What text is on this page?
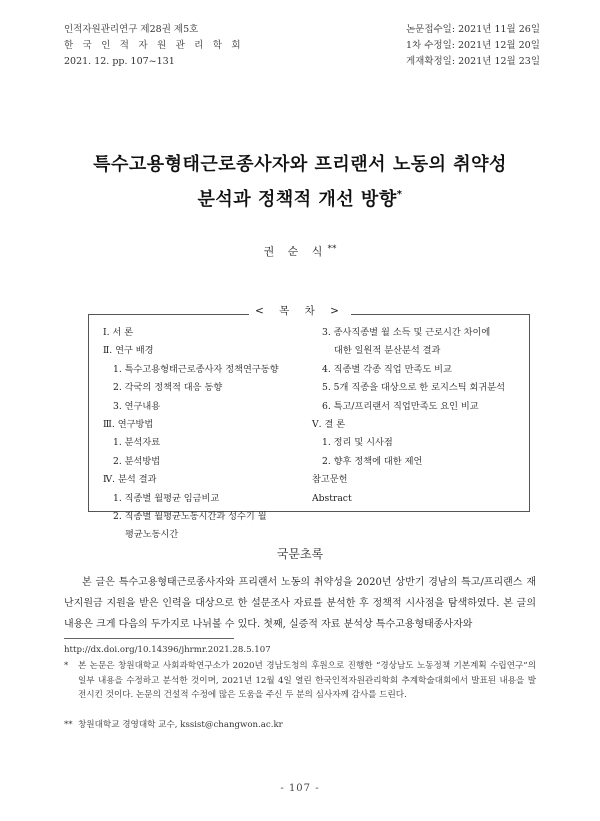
인적자원관리연구 제28권 제5호
한 국 인 적 자 원 관 리 학 회
2021. 12. pp. 107~131
논문접수일: 2021년 11월 26일
1차 수정일: 2021년 12월 20일
게재확정일: 2021년 12월 23일
특수고용형태근로종사자와 프리랜서 노동의 취약성
분석과 정책적 개선 방향*
권 순 식**
< 목 차 >
Ⅰ. 서 론
Ⅱ. 연구 배경
1. 특수고용형태근로종사자 정책연구동향
2. 각국의 정책적 대응 동향
3. 연구내용
Ⅲ. 연구방법
1. 분석자료
2. 분석방법
Ⅳ. 분석 결과
1. 직종별 월평균 임금비교
2. 직종별 월평균노동시간과 성수기 월
평균노동시간
3. 종사직종별 월 소득 및 근로시간 차이에
대한 일원적 분산분석 결과
4. 직종별 각종 직업 만족도 비교
5. 5개 직종을 대상으로 한 로지스틱 회귀분석
6. 특고/프리랜서 직업만족도 요인 비교
Ⅴ. 결 론
1. 정리 및 시사점
2. 향후 정책에 대한 제언
참고문헌
Abstract
국문초록
본 글은 특수고용형태근로종사자와 프리랜서 노동의 취약성을 2020년 상반기 경남의 특고/프리랜스 재난지원금 지원을 받은 인력을 대상으로 한 설문조사 자료를 분석한 후 정책적 시사점을 탐색하였다. 본 글의 내용은 크게 다음의 두가지로 나뉘볼 수 있다. 첫째, 실증적 자료 분석상 특수고용형태종사자와
http://dx.doi.org/10.14396/jhrmr.2021.28.5.107
*	본 논문은 창원대학교 사회과학연구소가 2020년 경남도청의 후원으로 진행한 “경상남도 노동정책 기본계획 수립연구”의 일부 내용을 수정하고 분석한 것이며, 2021년 12월 4일 열린 한국인적자원관리학회 추계학술대회에서 발표된 내용을 발전시킨 것이다. 논문의 건설적 수정에 많은 도움을 주신 두 분의 심사자께 감사를 드린다.
** 창원대학교 경영대학 교수, kssist@changwon.ac.kr
- 107 -
